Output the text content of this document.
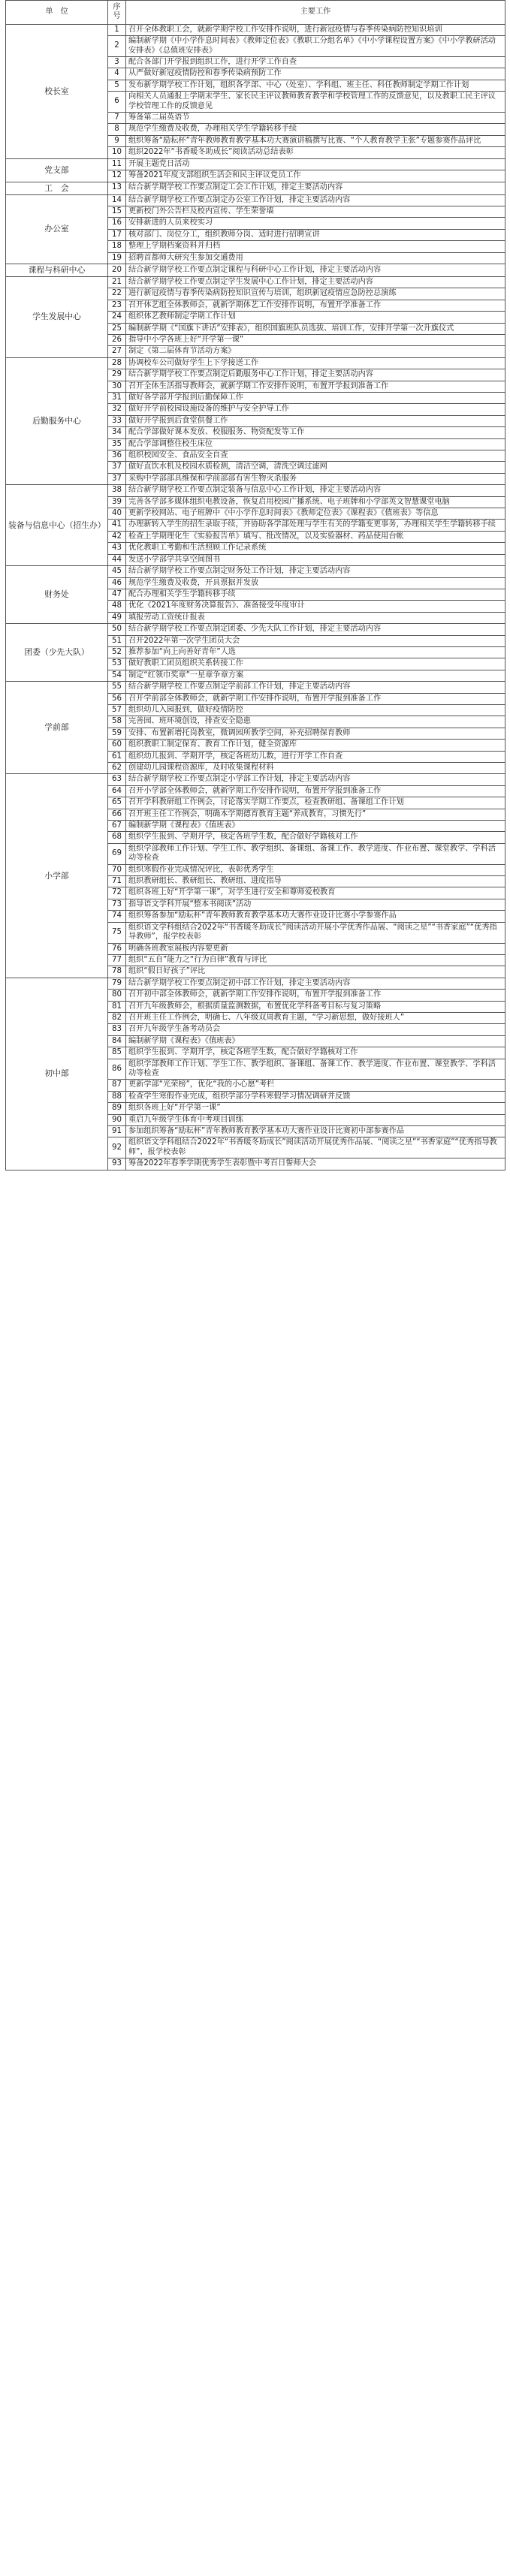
单　位	序号	主要工作
校长室	1	召开全体教职工会，就新学期学校工作安排作说明，进行新冠疫情与春季传染病防控知识培训
	2	编制新学期《中小学作息时间表》《教师定位表》《教职工分组名单》《中小学课程设置方案》《中小学教研活动安排表》《总值班安排表》
	3	配合各部门开学报到组织工作，进行开学工作自查
	4	从严做好新冠疫情防控和春季传染病预防工作
	5	发布新学期学校工作计划，组织各学部、中心（处室）、学科组、班主任、科任教师制定学期工作计划
	6	向相关人员通报上学期末学生、家长民主评议教师教育教学和学校管理工作的反馈意见，以及教职工民主评议学校管理工作的反馈意见
	7	筹备第二届英语节
	8	规范学生缴费及收费，办理相关学生学籍转移手续
	9	组织筹备“励耘杯”青年教师教育教学基本功大赛演讲稿撰写比赛、“个人教育教学主张”专题参赛作品评比
	10	组织2022年“书香暖冬助成长”阅读活动总结表彰
党支部	11	开展主题党日活动
	12	筹备2021年度支部组织生活会和民主评议党员工作
工　会	13	结合新学期学校工作要点制定工会工作计划，排定主要活动内容
办公室	14	结合新学期学校工作要点制定办公室工作计划，排定主要活动内容
	15	更新校门外公告栏及校内宣传、学生荣誉墙
	16	安排新进的人员来校实习
	17	核对部门、岗位分工，组织教师分岗、适时进行招聘宣讲
	18	整理上学期档案资料并归档
	19	招聘首都师大研究生参加交通费用
课程与科研中心	20	结合新学期学校工作要点制定课程与科研中心工作计划，排定主要活动内容
学生发展中心	21	结合新学期学校工作要点制定学生发展中心工作计划，排定主要活动内容
	22	进行新冠疫情与春季传染病防控知识宣传与培训，组织新冠疫情应急防控总演练
	23	召开体艺组全体教师会，就新学期体艺工作安排作说明，布置开学准备工作
	24	组织体艺教师制定学期工作计划
	25	编制新学期《“国旗下讲话”安排表》，组织国旗班队员选拔、培训工作，安排开学第一次升旗仪式
	26	指导中小学各班上好“开学第一课”
	27	制定《第二届体育节活动方案》
后勤服务中心	28	协调校车公司做好学生上下学接送工作
	29	结合新学期学校工作要点制定后勤服务中心工作计划，排定主要活动内容
	30	召开全体生活指导教师会，就新学期工作安排作说明，布置开学报到准备工作
	31	做好各学部开学报到后勤保障工作
	32	做好开学前校园设施设备的维护与安全护导工作
	33	做好开学报到后食堂供餐工作
	34	配合学部做好课本发放、校服服务、物资配发等工作
	35	配合学部调整住校生床位
	36	组织校园安全、食品安全自查
	37	做好直饮水机及校园水质检测，清洁空调，清洗空调过滤网
	37	采购中学部部具维保和学前部部有害生物灭杀服务
装备与信息中心（招生办）	38	结合新学期学校工作要点制定装备与信息中心工作计划，排定主要活动内容
	39	完善各学部多媒体组织电教设备，恢复启用校园广播系统、电子班牌和小学部英文智慧课堂电脑
	40	更新学校网站、电子班牌中《中小学作息时间表》《教师定位表》《课程表》《值班表》等信息
	41	办理新转入学生的招生录取手续，并协助各学部处理与学生有关的学籍变更事务，办理相关学生学籍转移手续
	42	检查上学期理化生《实验报告单》填写、批改情况，以及实验器材、药品使用台帐
	43	优化教职工考勤和生活照顾工作记录系统
	44	发送小学部学共享空间图书
财务处	45	结合新学期学校工作要点制定财务处工作计划，排定主要活动内容
	46	规范学生缴费及收费，开具票据并发放
	47	配合办理相关学生学籍转移手续
	48	优化《2021年度财务决算报告》、准备接受年度审计
	49	填报劳动工资统计报表
团委（少先大队）	50	结合新学期学校工作要点制定团委、少先大队工作计划，排定主要活动内容
	51	召开2022年第一次学生团员大会
	52	推荐参加“向上向善好青年”人选
	53	做好教职工团员组织关系转接工作
	54	制定“红领巾奖章”一星章争章方案
学前部	55	结合新学期学校工作要点制定学前部工作计划，排定主要活动内容
	56	召开学前部全体教师会，就新学期工作安排作说明，布置开学报到准备工作
	57	组织幼儿入园报到，做好疫情防控
	58	完善园、班环境创设，排查安全隐患
	59	安排、布置新增托岗教室，微调园所教学空间，补充招聘保育教师
	60	组织教职工制定保育、教育工作计划，健全资源库
	61	组织幼儿报到、学期开学，核定各班幼儿数，进行开学工作自查
	62	创建幼儿园课程资源库，及时收集课程材料
小学部	63	结合新学期学校工作要点制定小学部工作计划，排定主要活动内容
	64	召开小学部全体教师会，就新学期工作安排作说明，布置开学报到准备工作
	65	召开学科教研组工作例会，讨论落实学期工作要点，检查教研组、备课组工作计划
	66	召开班主任工作例会，明确本学期德育教育主题“养成教育，习惯先行”
	67	编制新学期《课程表》《值班表》
	68	组织学生报到、学期开学，核定各班学生数，配合做好学籍核对工作
	69	组织学部教师工作计划、学生工作、教学组织、备课组、备课工作、教学进度、作业布置、课堂教学、学科活动等检查
	70	组织寒假作业完成情况评比，表彰优秀学生
	71	组织教研组长、教研组长、教研组、进度指导
	72	组织各班上好“开学第一课”，对学生进行安全和尊师爱校教育
	73	指导语文学科开展“整本书阅读”活动
	74	组织筹备参加“励耘杯”青年教师教育教学基本功大赛作业设计比赛小学参赛作品
	75	组织语文学科组结合2022年“书香暖冬助成长”阅读活动开展小学优秀作品展、“阅读之星”“书香家庭”“优秀指导教师”，报学校表彰
	76	明确各班教室展板内容要更新
	77	组织“五自”能力之“行为自律”教育与评比
	78	组织“假日好孩子”评比
初中部	79	结合新学期学校工作要点制定初中部工作计划，排定主要活动内容
	80	召开初中部全体教师会，就新学期工作安排作说明，布置开学报到准备工作
	81	召开九年级教师会，根据质量监测数据，布置优化学科备考目标与复习策略
	82	召开班主任工作例会，明确七、八年级双周教育主题，“学习新思想，做好接班人”
	83	召开九年级学生备考动员会
	84	编制新学期《课程表》《值班表》
	85	组织学生报到、学期开学，核定各班学生数，配合做好学籍核对工作
	86	组织学部教师工作计划、学生工作、教学组织、备课组、备课工作、教学进度、作业布置、课堂教学、学科活动等检查
	87	更新学部“光荣榜”，优化“我的小心愿”考栏
	88	检查学生寒假作业完成，组织学部分学科寒假学习情况调研并反馈
	89	组织各班上好“开学第一课”
	90	重启九年级学生体育中考项目训练
	91	参加组织筹备“励耘杯”青年教师教育教学基本功大赛作业设计比赛初中部参赛作品
	92	组织语文学科组结合2022年“书香暖冬助成长”阅读活动开展优秀作品展、“阅读之星”“书香家庭”“优秀指导教师”，报学校表彰
	93	筹备2022年春季学期优秀学生表彰暨中考百日誓师大会
